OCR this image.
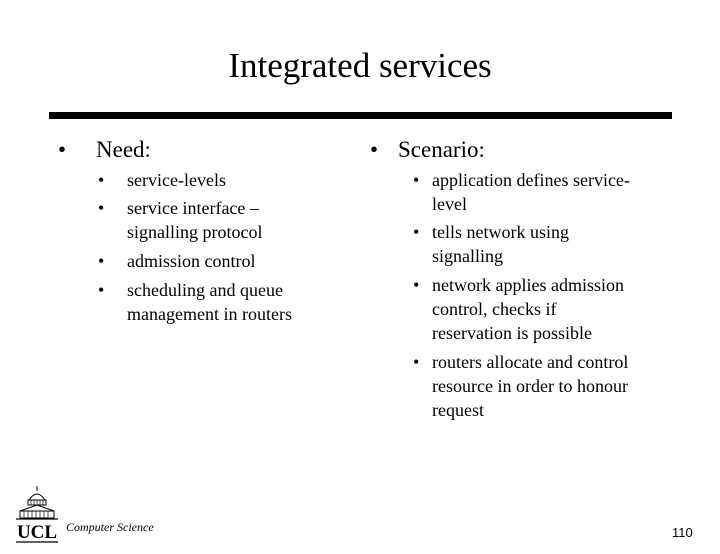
Integrated services
• Need:
• service-levels
• service interface –
signalling protocol
• admission control
• scheduling and queue
management in routers
• Scenario:
• application defines service-
level
• tells network using
signalling
• network applies admission
control, checks if
reservation is possible
• routers allocate and control
resource in order to honour
request
UCL Computer Science	110
